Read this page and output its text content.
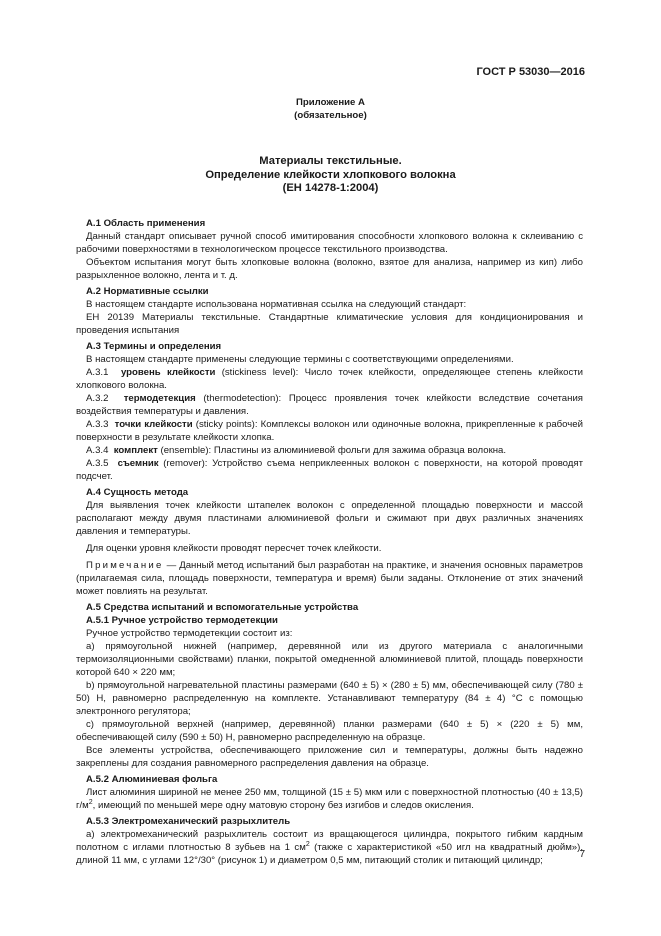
ГОСТ Р 53030—2016
Приложение А
(обязательное)
Материалы текстильные.
Определение клейкости хлопкового волокна
(ЕН 14278-1:2004)

А.1 Область применения

Данный стандарт описывает ручной способ имитирования способности хлопкового волокна к склеиванию с рабочими поверхностями в технологическом процессе текстильного производства.

Объектом испытания могут быть хлопковые волокна (волокно, взятое для анализа, например из кип) либо разрыхленное волокно, лента и т. д.

А.2 Нормативные ссылки

В настоящем стандарте использована нормативная ссылка на следующий стандарт:

ЕН 20139 Материалы текстильные. Стандартные климатические условия для кондиционирования и проведения испытания

А.3 Термины и определения

В настоящем стандарте применены следующие термины с соответствующими определениями.

А.3.1 уровень клейкости (stickiness level): Число точек клейкости, определяющее степень клейкости хлопкового волокна.

А.3.2 термодетекция (thermodetection): Процесс проявления точек клейкости вследствие сочетания воздействия температуры и давления.

А.3.3 точки клейкости (sticky points): Комплексы волокон или одиночные волокна, прикрепленные к рабочей поверхности в результате клейкости хлопка.

А.3.4 комплект (ensemble): Пластины из алюминиевой фольги для зажима образца волокна.

А.3.5 съемник (remover): Устройство съема неприклеенных волокон с поверхности, на которой проводят подсчет.

А.4 Сущность метода

Для выявления точек клейкости штапелек волокон с определенной площадью поверхности и массой располагают между двумя пластинами алюминиевой фольги и сжимают при двух различных значениях давления и температуры.

Для оценки уровня клейкости проводят пересчет точек клейкости.

Примечание — Данный метод испытаний был разработан на практике, и значения основных параметров (прилагаемая сила, площадь поверхности, температура и время) были заданы. Отклонение от этих значений может повлиять на результат.

А.5 Средства испытаний и вспомогательные устройства

А.5.1 Ручное устройство термодетекции

Ручное устройство термодетекции состоит из:

а) прямоугольной нижней (например, деревянной или из другого материала с аналогичными термоизоляционными свойствами) планки, покрытой омедненной алюминиевой плитой, площадь поверхности которой 640 × 220 мм;

b) прямоугольной нагревательной пластины размерами (640 ± 5) × (280 ± 5) мм, обеспечивающей силу (780 ± 50) Н, равномерно распределенную на комплекте. Устанавливают температуру (84 ± 4) °С с помощью электронного регулятора;

c) прямоугольной верхней (например, деревянной) планки размерами (640 ± 5) × (220 ± 5) мм, обеспечивающей силу (590 ± 50) Н, равномерно распределенную на образце.

Все элементы устройства, обеспечивающего приложение сил и температуры, должны быть надежно закреплены для создания равномерного распределения давления на образце.

А.5.2 Алюминиевая фольга

Лист алюминия шириной не менее 250 мм, толщиной (15 ± 5) мкм или с поверхностной плотностью (40 ± 13,5) $г/м^2$, имеющий по меньшей мере одну матовую сторону без изгибов и следов окисления.

А.5.3 Электромеханический разрыхлитель

а) электромеханический разрыхлитель состоит из вращающегося цилиндра, покрытого гибким кардным полотном с иглами плотностью 8 зубьев на 1 $см^2$ (также с характеристикой «50 игл на квадратный дюйм»), длиной 11 мм, с углами 12°/30° (рисунок 1) и диаметром 0,5 мм, питающий столик и питающий цилиндр;

7
